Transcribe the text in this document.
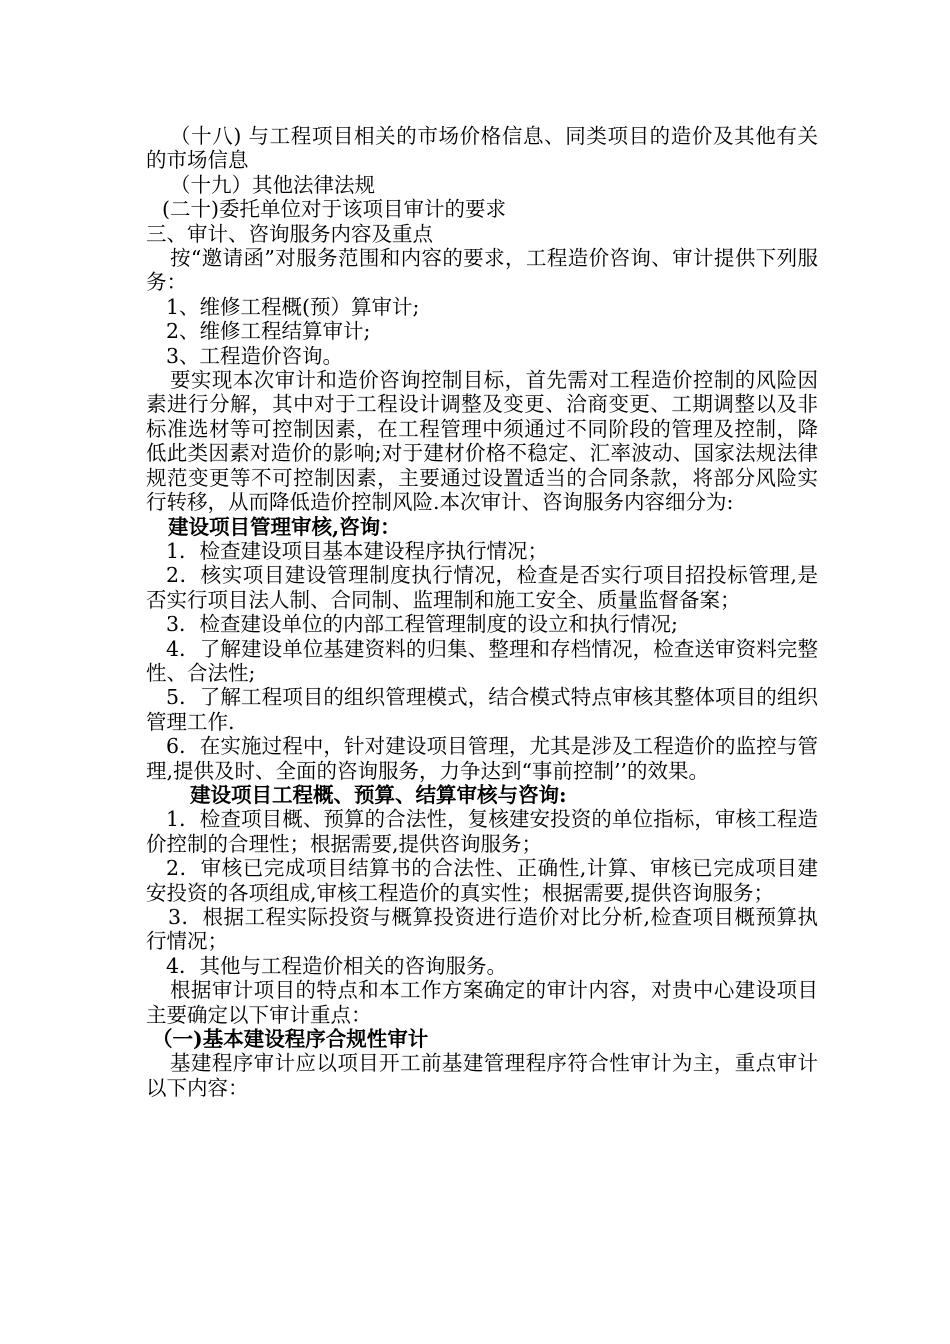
（十八) 与工程项目相关的市场价格信息、同类项目的造价及其他有关的市场信息

（十九）其他法律法规

(二十)委托单位对于该项目审计的要求

三、审计、咨询服务内容及重点

按“邀请函”对服务范围和内容的要求，工程造价咨询、审计提供下列服务：

1、维修工程概(预）算审计;

2、维修工程结算审计;

3、工程造价咨询。

要实现本次审计和造价咨询控制目标，首先需对工程造价控制的风险因素进行分解，其中对于工程设计调整及变更、洽商变更、工期调整以及非标准选材等可控制因素，在工程管理中须通过不同阶段的管理及控制，降低此类因素对造价的影响;对于建材价格不稳定、汇率波动、国家法规法律规范变更等不可控制因素，主要通过设置适当的合同条款，将部分风险实行转移，从而降低造价控制风险.本次审计、咨询服务内容细分为:

建设项目管理审核,咨询：

1．检查建设项目基本建设程序执行情况；

2．核实项目建设管理制度执行情况，检查是否实行项目招投标管理,是否实行项目法人制、合同制、监理制和施工安全、质量监督备案；

3．检查建设单位的内部工程管理制度的设立和执行情况;

4．了解建设单位基建资料的归集、整理和存档情况，检查送审资料完整性、合法性;

5．了解工程项目的组织管理模式，结合模式特点审核其整体项目的组织管理工作.

6．在实施过程中，针对建设项目管理，尤其是涉及工程造价的监控与管理,提供及时、全面的咨询服务，力争达到“事前控制’’的效果。

建设项目工程概、预算、结算审核与咨询:

1．检查项目概、预算的合法性，复核建安投资的单位指标，审核工程造价控制的合理性；根据需要,提供咨询服务；

2．审核已完成项目结算书的合法性、正确性,计算、审核已完成项目建安投资的各项组成,审核工程造价的真实性；根据需要,提供咨询服务；

3．根据工程实际投资与概算投资进行造价对比分析,检查项目概预算执行情况；

4．其他与工程造价相关的咨询服务。

根据审计项目的特点和本工作方案确定的审计内容，对贵中心建设项目主要确定以下审计重点：

（一)基本建设程序合规性审计

基建程序审计应以项目开工前基建管理程序符合性审计为主，重点审计以下内容：
